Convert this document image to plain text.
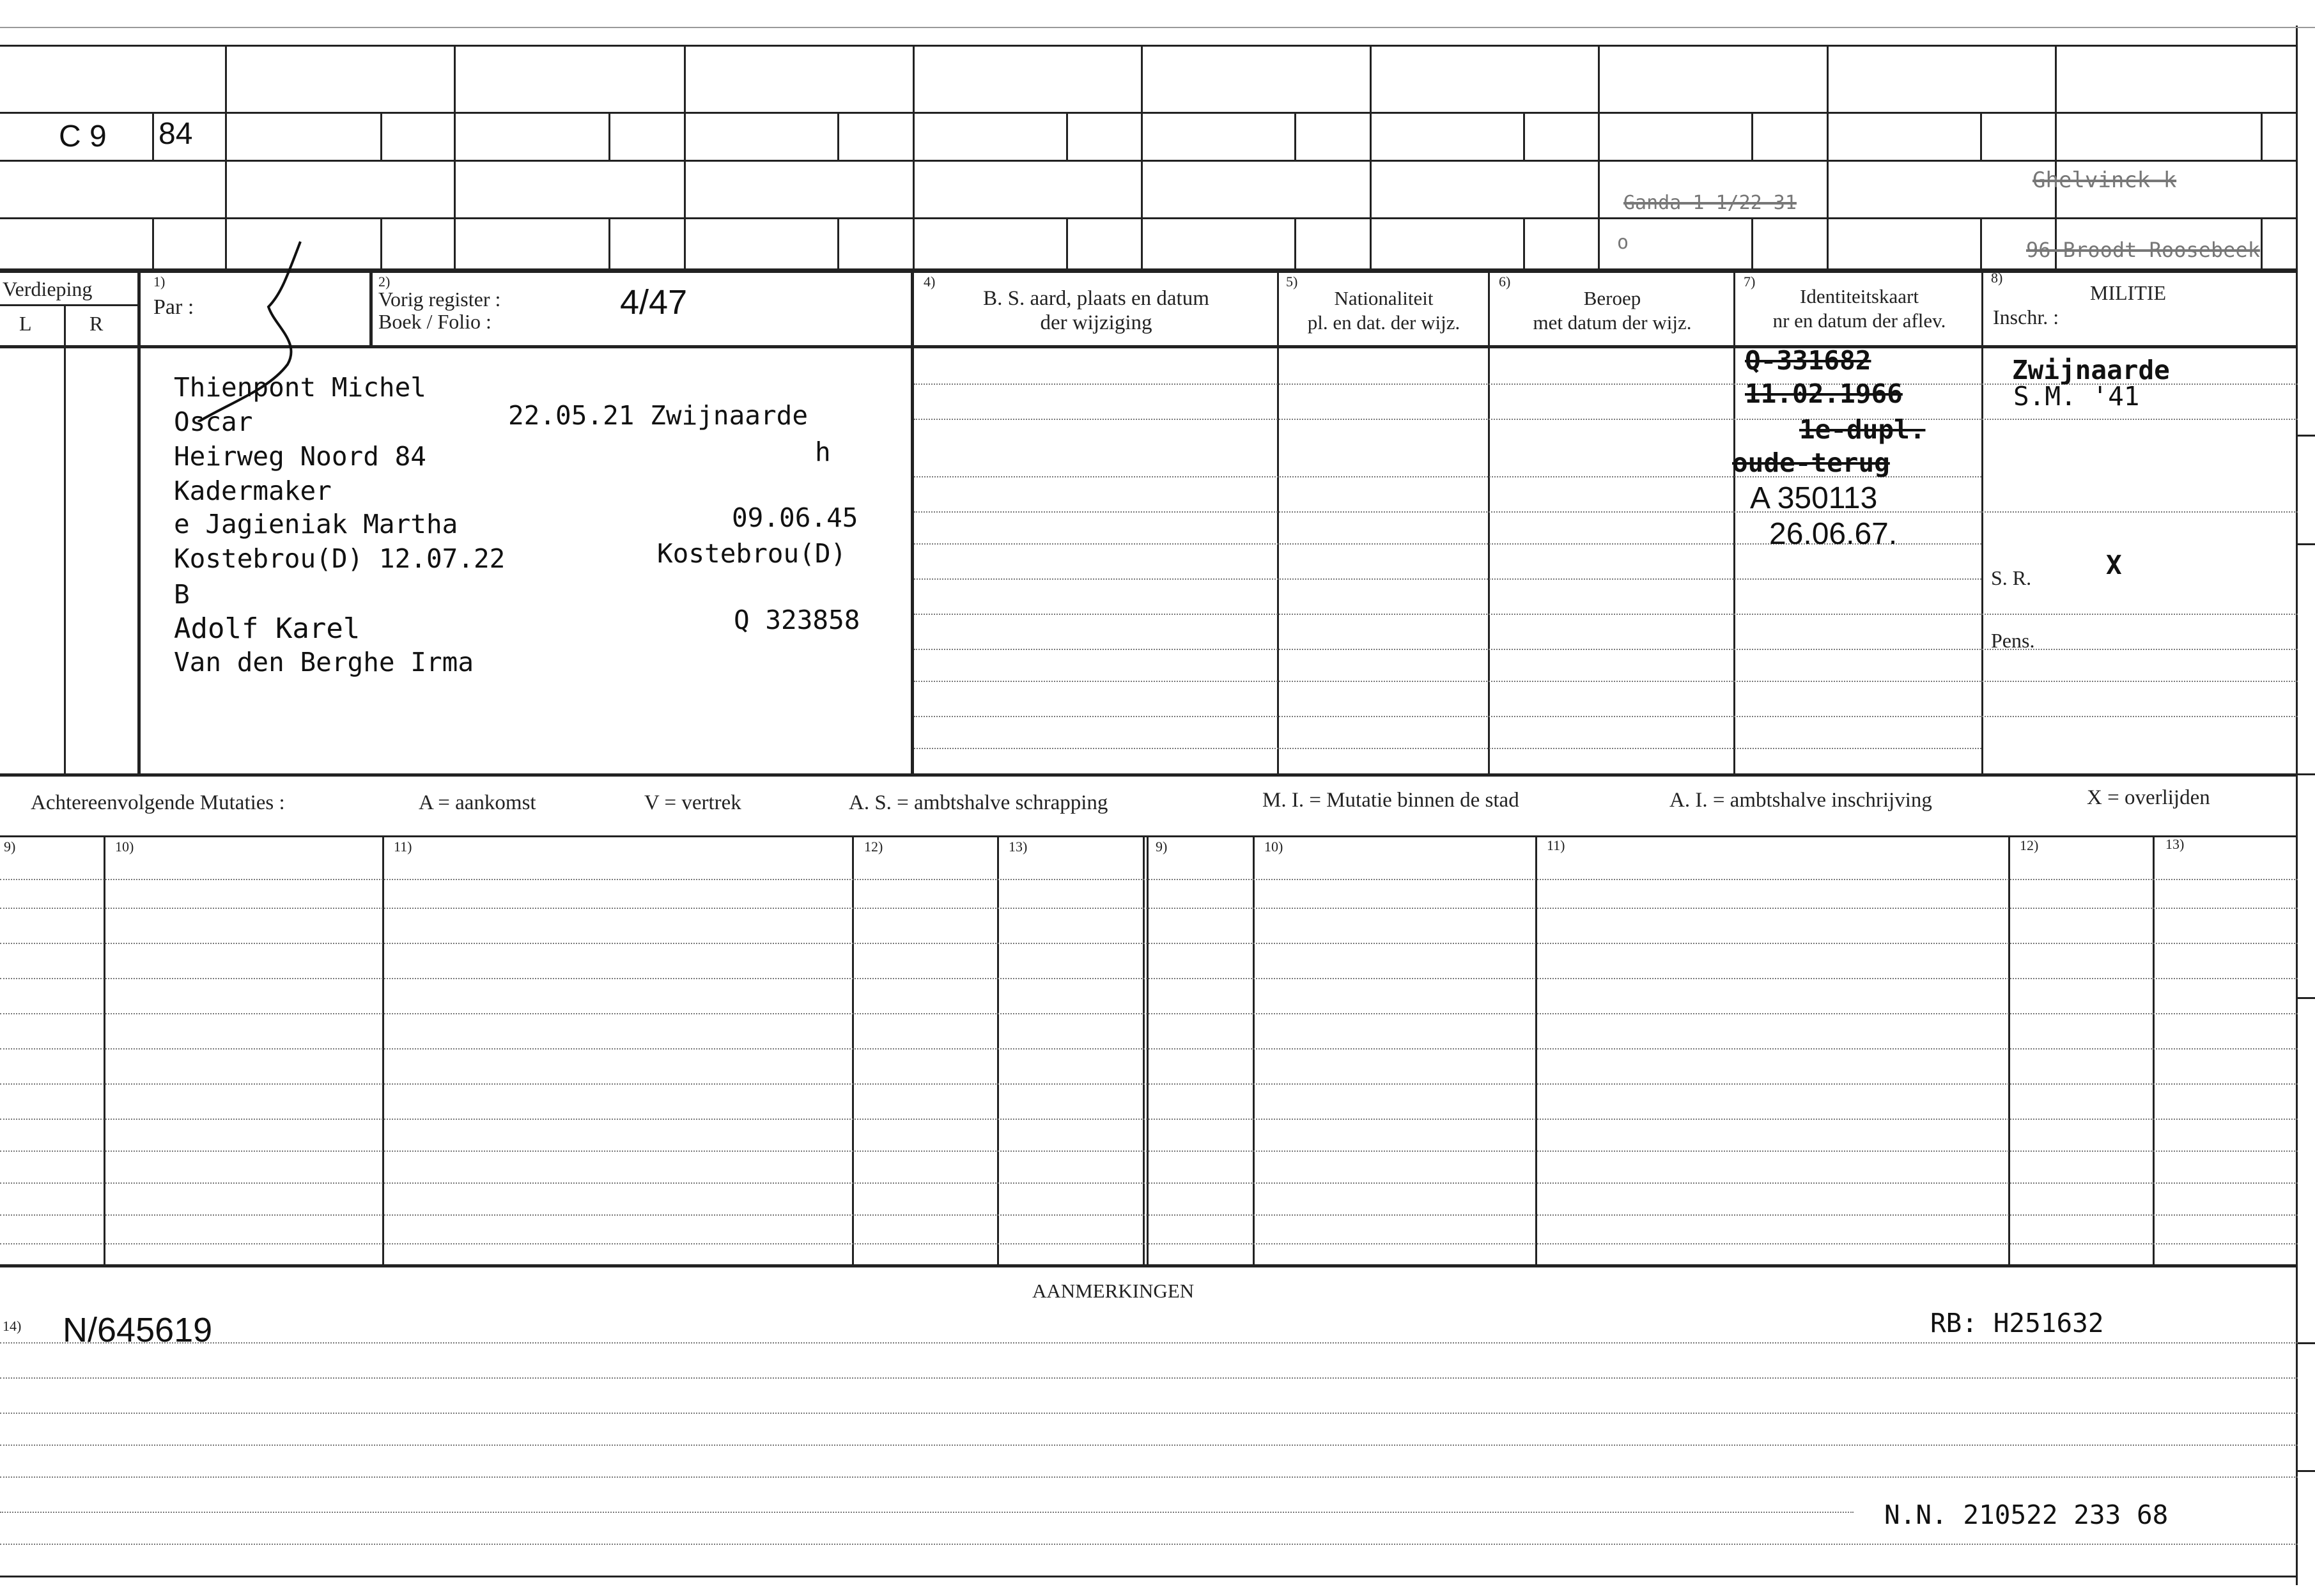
C 9 84
Ganda 1 1/22 31
Ghelvinck k
96 Broodt Roosebeek
o
Verdieping
L	R
1)
Par :
2)
Vorig register :
Boek / Folio :	4/47
4)
B. S. aard, plaats en datum
der wijziging
5)
Nationaliteit
pl. en dat. der wijz.
6)
Beroep
met datum der wijz.
7)
Identiteitskaart
nr en datum der aflev.
8)
MILITIE
Inschr. :
Thienpont Michel
Oscar	22.05.21 Zwijnaarde
h
Heirweg Noord 84
Kadermaker
e Jagieniak Martha	09.06.45
Kostebrou(D) 12.07.22	Kostebrou(D)
B
Adolf Karel	Q 323858
Van den Berghe Irma
Q-331682
11.02.1966
1e-dupl.
oude-terug
A 350113
26.06.67.
Zwijnaarde
S.M. '41
S. R.	X
Pens.
Achtereenvolgende Mutaties :	A = aankomst	V = vertrek	A. S. = ambtshalve schrapping	M. I. = Mutatie binnen de stad	A. I. = ambtshalve inschrijving	X = overlijden
9)	10)	11)	12)	13)	9)	10)	11)	12)	13)
AANMERKINGEN
14) N/645619	RB: H251632
N.N. 210522 233 68
